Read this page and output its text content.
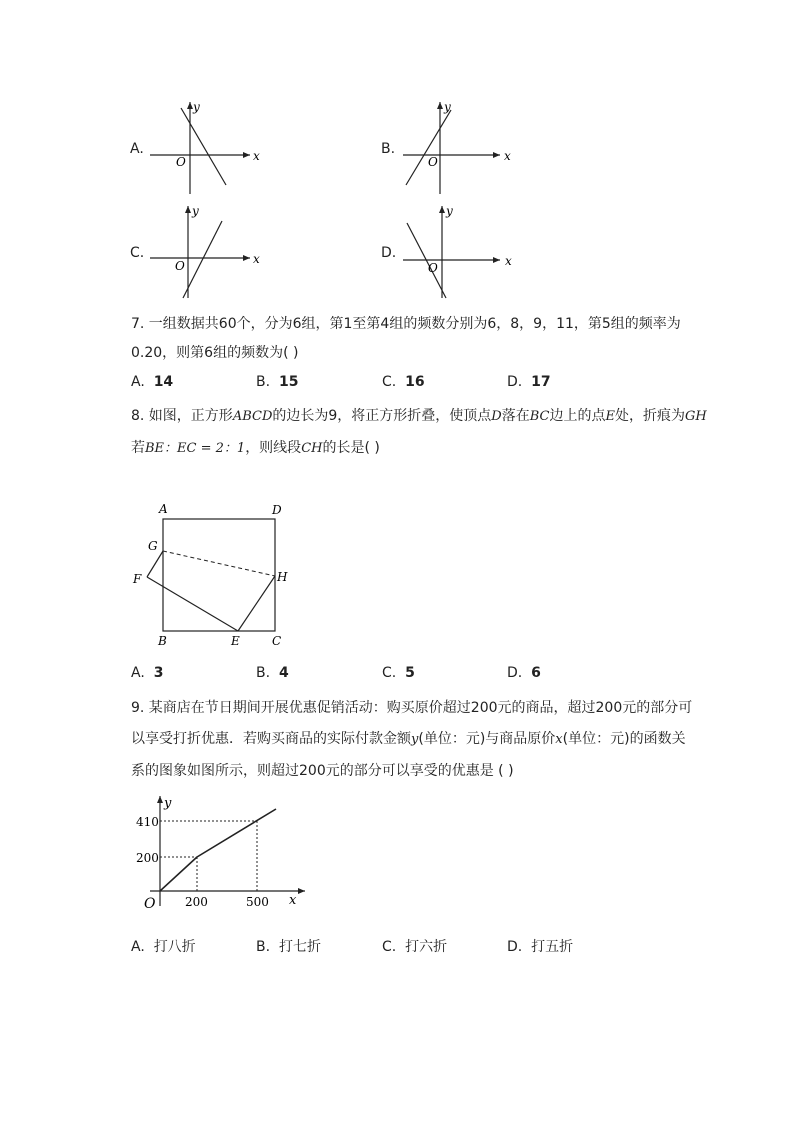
A.
y
x
O
B.
y
x
O
C.
y
x
O
D.
y
x
O
7. 一组数据共60个，分为6组，第1至第4组的频数分别为6，8，9，11，第5组的频率为
0.20，则第6组的频数为( )
A. 14	B. 15	C. 16	D. 17
8. 如图，正方形ABCD的边长为9，将正方形折叠，使顶点D落在BC边上的点E处，折痕为GH
若BE：EC = 2：1，则线段CH的长是( )
A	D
G
F	H
B	E	C
A. 3	B. 4	C. 5	D. 6
9. 某商店在节日期间开展优惠促销活动：购买原价超过200元的商品，超过200元的部分可
以享受打折优惠．若购买商品的实际付款金额y(单位：元)与商品原价x(单位：元)的函数关
系的图象如图所示，则超过200元的部分可以享受的优惠是 ( )
y
x
O
410
200
200	500
A. 打八折	B. 打七折	C. 打六折	D. 打五折
